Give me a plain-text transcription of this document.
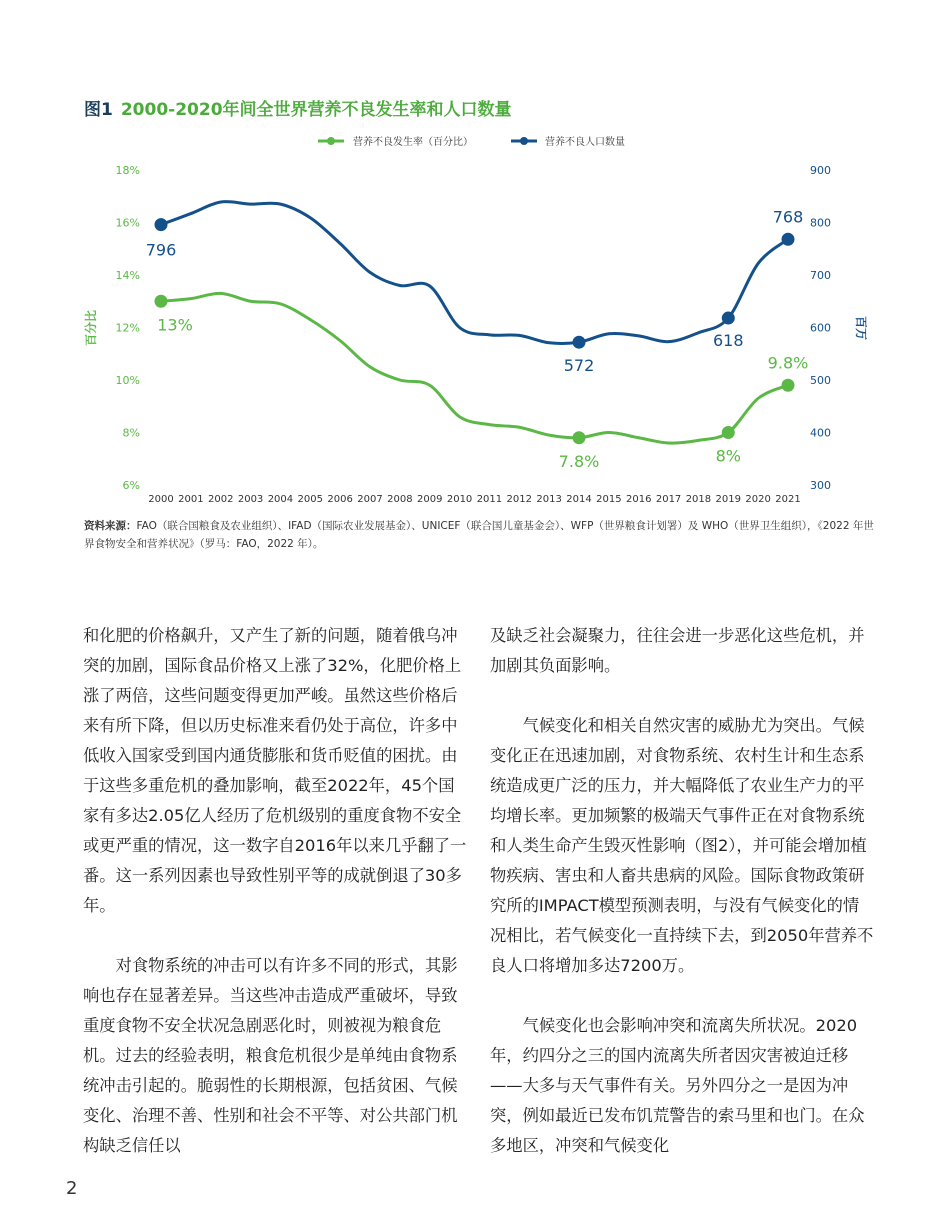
图1 2000-2020年间全世界营养不良发生率和人口数量
营养不良发生率（百分比）	营养不良人口数量
6%
8%
10%
12%
14%
16%
18%
300
400
500
600
700
800
900
百分比	百万
2000 2001 2002 2003 2004 2005 2006 2007 2008 2009 2010 2011 2012 2013 2014 2015 2016 2017 2018 2019 2020 2021
13%
7.8%	8%
9.8%
796
572
618
768
资料来源：FAO（联合国粮食及农业组织）、IFAD（国际农业发展基金）、UNICEF（联合国儿童基金会）、WFP（世界粮食计划署）及 WHO（世界卫生组织），《2022 年世界食物安全和营养状况》（罗马：FAO，2022 年）。

和化肥的价格飙升，又产生了新的问题，随着俄乌冲突的加剧，国际食品价格又上涨了32%，化肥价格上涨了两倍，这些问题变得更加严峻。虽然这些价格后来有所下降，但以历史标准来看仍处于高位，许多中低收入国家受到国内通货膨胀和货币贬值的困扰。由于这些多重危机的叠加影响，截至2022年，45个国家有多达2.05亿人经历了危机级别的重度食物不安全或更严重的情况，这一数字自2016年以来几乎翻了一番。这一系列因素也导致性别平等的成就倒退了30多年。

对食物系统的冲击可以有许多不同的形式，其影响也存在显著差异。当这些冲击造成严重破坏，导致重度食物不安全状况急剧恶化时，则被视为粮食危机。过去的经验表明，粮食危机很少是单纯由食物系统冲击引起的。脆弱性的长期根源，包括贫困、气候变化、治理不善、性别和社会不平等、对公共部门机构缺乏信任以

及缺乏社会凝聚力，往往会进一步恶化这些危机，并加剧其负面影响。

气候变化和相关自然灾害的威胁尤为突出。气候变化正在迅速加剧，对食物系统、农村生计和生态系统造成更广泛的压力，并大幅降低了农业生产力的平均增长率。更加频繁的极端天气事件正在对食物系统和人类生命产生毁灭性影响（图2），并可能会增加植物疾病、害虫和人畜共患病的风险。国际食物政策研究所的IMPACT模型预测表明，与没有气候变化的情况相比，若气候变化一直持续下去，到2050年营养不良人口将增加多达7200万。

气候变化也会影响冲突和流离失所状况。2020年，约四分之三的国内流离失所者因灾害被迫迁移——大多与天气事件有关。另外四分之一是因为冲突，例如最近已发布饥荒警告的索马里和也门。在众多地区，冲突和气候变化

2
